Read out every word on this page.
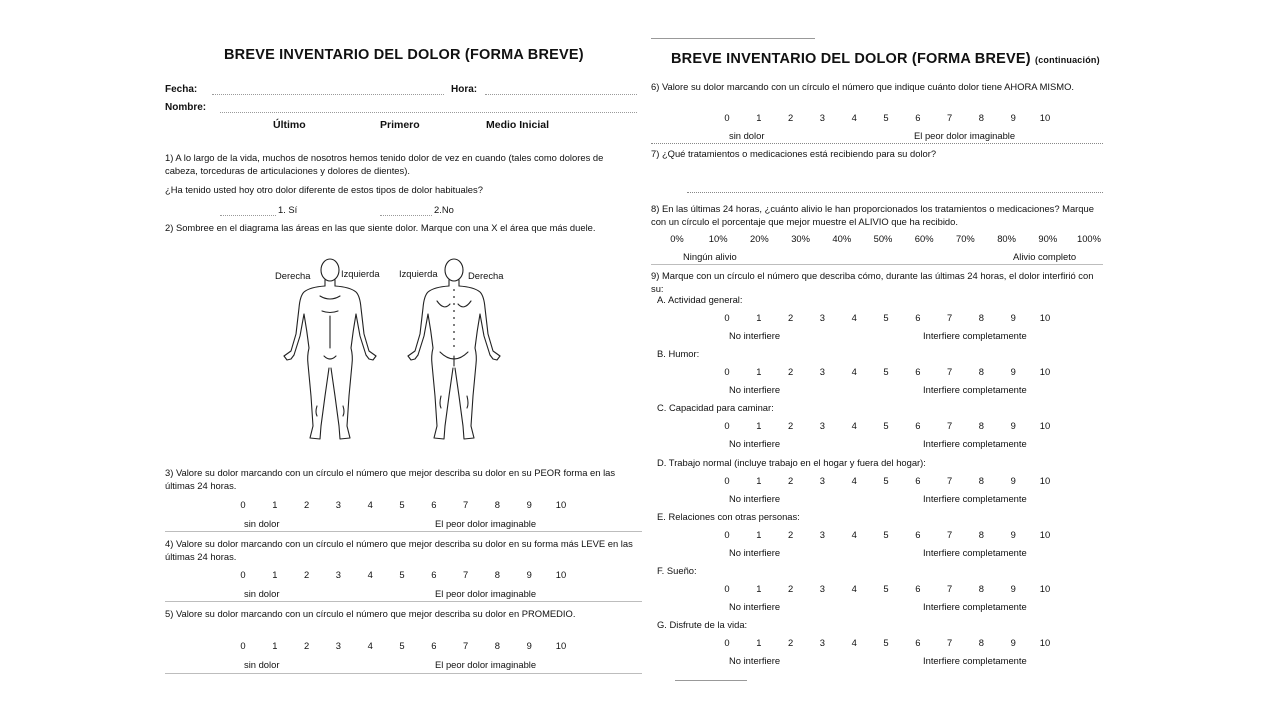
BREVE INVENTARIO DEL DOLOR (FORMA BREVE)
Fecha:	Hora:
Nombre:
Último	Primero	Medio Inicial
1) A lo largo de la vida, muchos de nosotros hemos tenido dolor de vez en cuando (tales como dolores de cabeza, torceduras de articulaciones y dolores de dientes).
¿Ha tenido usted hoy otro dolor diferente de estos tipos de dolor habituales?
1. Sí	2.No
2) Sombree en el diagrama las áreas en las que siente dolor. Marque con una X el área que más duele.
Derecha	Izquierda Izquierda	Derecha
3) Valore su dolor marcando con un círculo el número que mejor describa su dolor en su PEOR forma en las últimas 24 horas.
0	1	2	3	4	5	6	7	8	9	10
sin dolor	El peor dolor imaginable
4) Valore su dolor marcando con un círculo el número que mejor describa su dolor en su forma más LEVE en las últimas 24 horas.
0	1	2	3	4	5	6	7	8	9	10
sin dolor	El peor dolor imaginable
5) Valore su dolor marcando con un círculo el número que mejor describa su dolor en PROMEDIO.
0	1	2	3	4	5	6	7	8	9	10
sin dolor	El peor dolor imaginable
BREVE INVENTARIO DEL DOLOR (FORMA BREVE) (continuación)
6) Valore su dolor marcando con un círculo el número que indique cuánto dolor tiene AHORA MISMO.
0	1	2	3	4	5	6	7	8	9	10
sin dolor	El peor dolor imaginable
7) ¿Qué tratamientos o medicaciones está recibiendo para su dolor?
8) En las últimas 24 horas, ¿cuánto alivio le han proporcionados los tratamientos o medicaciones? Marque con un círculo el porcentaje que mejor muestre el ALIVIO que ha recibido.
0%	10%	20%	30%	40%	50%	60%	70%	80%	90%	100%
Ningún alivio	Alivio completo
9) Marque con un círculo el número que describa cómo, durante las últimas 24 horas, el dolor interfirió con su:
A. Actividad general:
0	1	2	3	4	5	6	7	8	9	10
No interfiere	Interfiere completamente
B. Humor:
0	1	2	3	4	5	6	7	8	9	10
No interfiere	Interfiere completamente
C. Capacidad para caminar:
0	1	2	3	4	5	6	7	8	9	10
No interfiere	Interfiere completamente
D. Trabajo normal (incluye trabajo en el hogar y fuera del hogar):
0	1	2	3	4	5	6	7	8	9	10
No interfiere	Interfiere completamente
E. Relaciones con otras personas:
0	1	2	3	4	5	6	7	8	9	10
No interfiere	Interfiere completamente
F. Sueño:
0	1	2	3	4	5	6	7	8	9	10
No interfiere	Interfiere completamente
G. Disfrute de la vida:
0	1	2	3	4	5	6	7	8	9	10
No interfiere	Interfiere completamente
